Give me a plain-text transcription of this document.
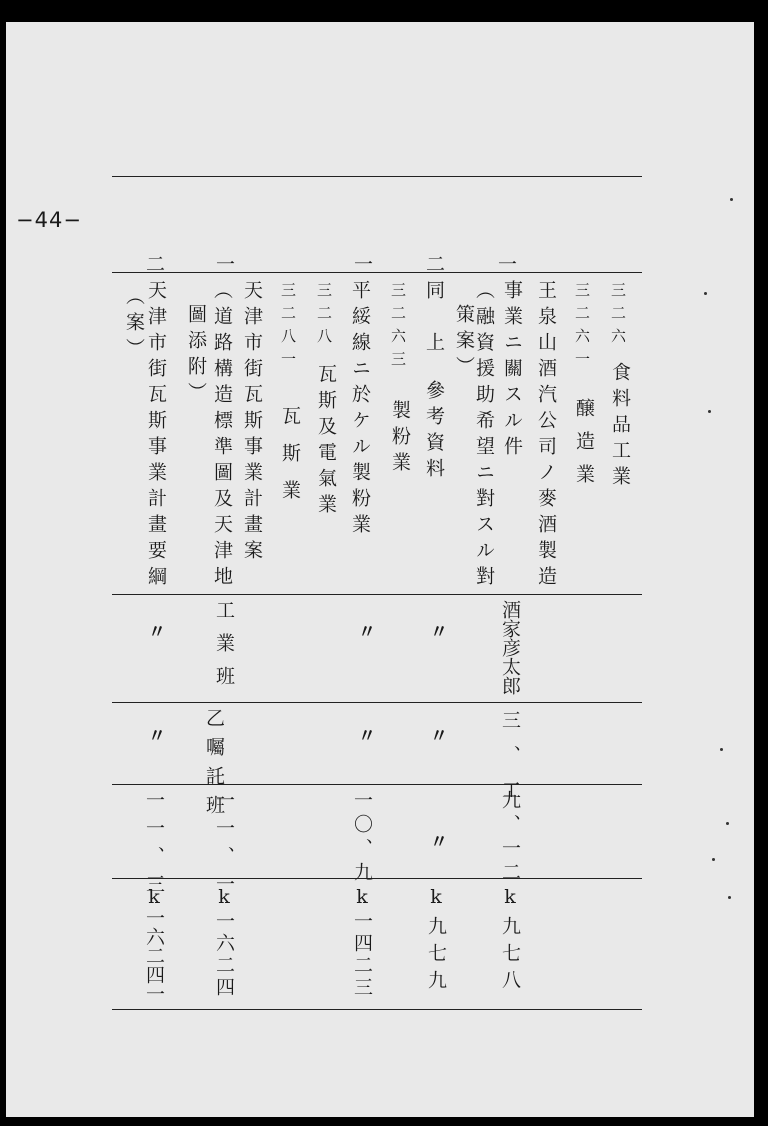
−44−
一
二
一
一
二
三二六
食料品工業
三二六一
醸造業
王泉山酒汽公司ノ麥酒製造
事業ニ關スル件
（融資援助希望ニ對スル對
策案）
同
上
參考資料
三二六三
製粉業
平綏線ニ於ケル製粉業
三二八
瓦斯及電氣業
三二八一
瓦斯業
天津市街瓦斯事業計畫案
（道路構造標準圖及天津地
圖添附）
天津市街瓦斯事業計畫要綱
（案）
酒家彦太郎
〃
〃
工業班
〃
三、工
〃
〃
乙囑託班
〃
九、一二
〃
一〇、九
一一、一
一一、三
k九七八
k九七九
k一四二三
k一六二四
k一六二四一
